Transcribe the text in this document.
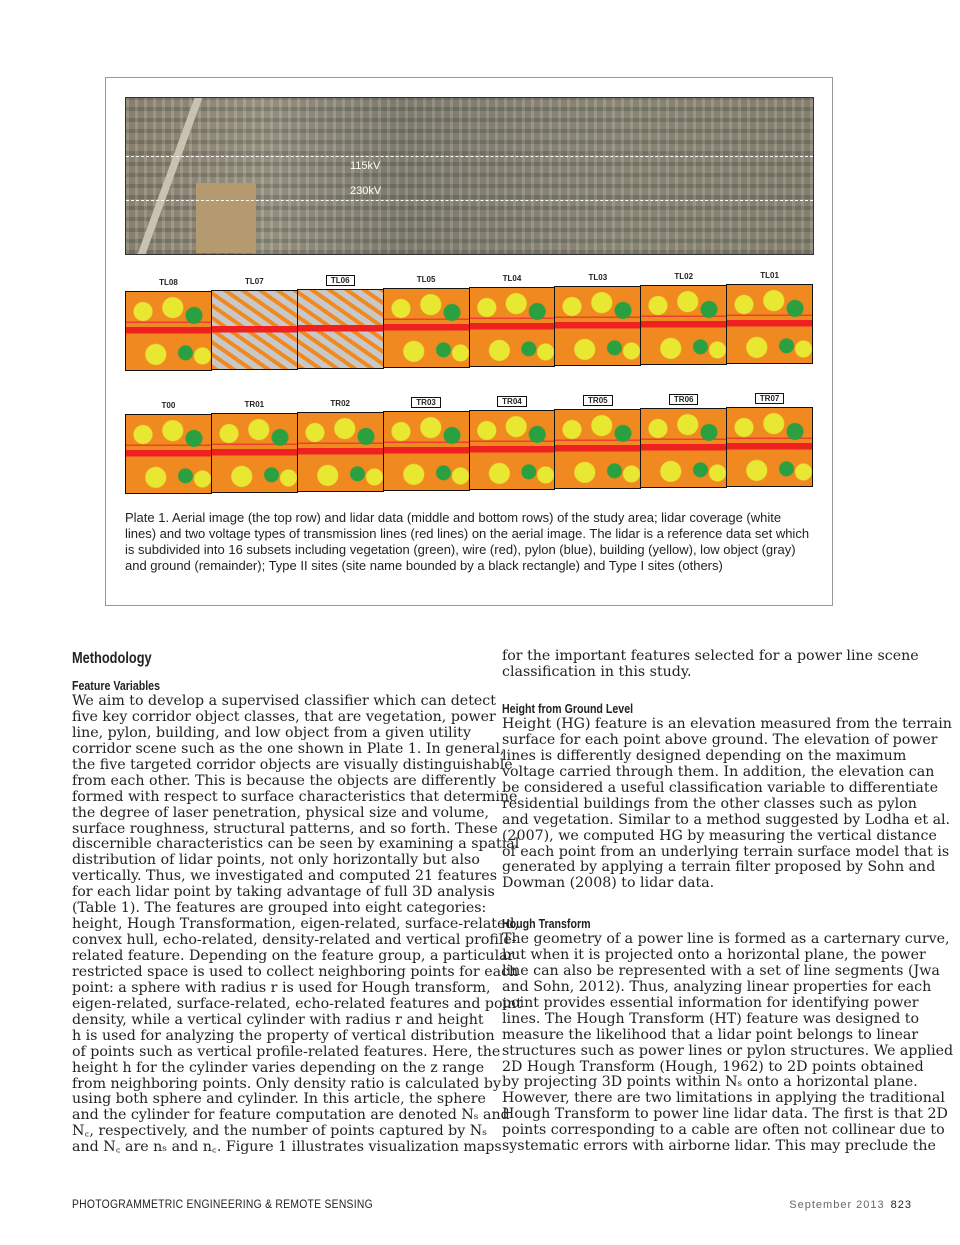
115kV
230kV
TL08	TL07	TL06	TL05	TL04	TL03	TL02	TL01
T00	TR01	TR02	TR03	TR04	TR05	TR06	TR07
Plate 1. Aerial image (the top row) and lidar data (middle and bottom rows) of the study area; lidar coverage (white lines) and two voltage types of transmission lines (red lines) on the aerial image. The lidar is a reference data set which is subdivided into 16 subsets including vegetation (green), wire (red), pylon (blue), building (yellow), low object (gray) and ground (remainder); Type II sites (site name bounded by a black rectangle) and Type I sites (others)
Methodology
Feature Variables
We aim to develop a supervised classifier which can detect
five key corridor object classes, that are vegetation, power
line, pylon, building, and low object from a given utility
corridor scene such as the one shown in Plate 1. In general,
the five targeted corridor objects are visually distinguishable
from each other. This is because the objects are differently
formed with respect to surface characteristics that determine
the degree of laser penetration, physical size and volume,
surface roughness, structural patterns, and so forth. These
discernible characteristics can be seen by examining a spatial
distribution of lidar points, not only horizontally but also
vertically. Thus, we investigated and computed 21 features
for each lidar point by taking advantage of full 3D analysis
(Table 1). The features are grouped into eight categories:
height, Hough Transformation, eigen-related, surface-related,
convex hull, echo-related, density-related and vertical profile-
related feature. Depending on the feature group, a particular
restricted space is used to collect neighboring points for each
point: a sphere with radius r is used for Hough transform,
eigen-related, surface-related, echo-related features and point
density, while a vertical cylinder with radius r and height
h is used for analyzing the property of vertical distribution
of points such as vertical profile-related features. Here, the
height h for the cylinder varies depending on the z range
from neighboring points. Only density ratio is calculated by
using both sphere and cylinder. In this article, the sphere
and the cylinder for feature computation are denoted Nₛ and
N꜀, respectively, and the number of points captured by Nₛ
and N꜀ are nₛ and n꜀. Figure 1 illustrates visualization maps
for the important features selected for a power line scene
classification in this study.
Height from Ground Level
Height (HG) feature is an elevation measured from the terrain
surface for each point above ground. The elevation of power
lines is differently designed depending on the maximum
voltage carried through them. In addition, the elevation can
be considered a useful classification variable to differentiate
residential buildings from the other classes such as pylon
and vegetation. Similar to a method suggested by Lodha et al.
(2007), we computed HG by measuring the vertical distance
of each point from an underlying terrain surface model that is
generated by applying a terrain filter proposed by Sohn and
Dowman (2008) to lidar data.
Hough Transform
The geometry of a power line is formed as a carternary curve,
but when it is projected onto a horizontal plane, the power
line can also be represented with a set of line segments (Jwa
and Sohn, 2012). Thus, analyzing linear properties for each
point provides essential information for identifying power
lines. The Hough Transform (HT) feature was designed to
measure the likelihood that a lidar point belongs to linear
structures such as power lines or pylon structures. We applied
2D Hough Transform (Hough, 1962) to 2D points obtained
by projecting 3D points within Nₛ onto a horizontal plane.
However, there are two limitations in applying the traditional
Hough Transform to power line lidar data. The first is that 2D
points corresponding to a cable are often not collinear due to
systematic errors with airborne lidar. This may preclude the
PHOTOGRAMMETRIC ENGINEERING & REMOTE SENSING	September 2013 823
